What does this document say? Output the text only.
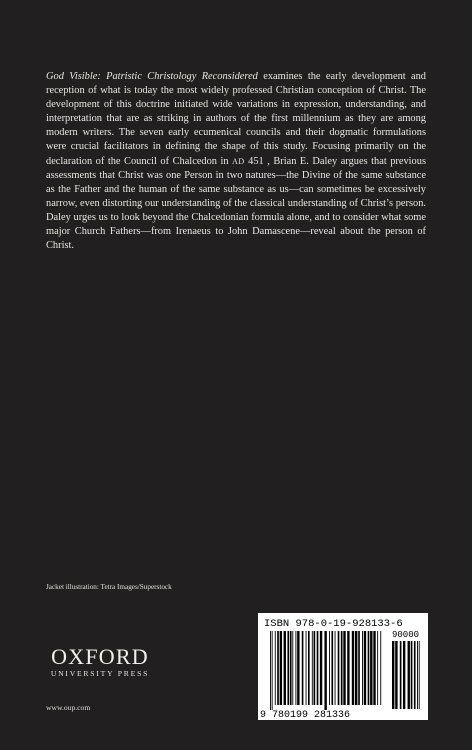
God Visible: Patristic Christology Reconsidered examines the early development and reception of what is today the most widely professed Christian conception of Christ. The development of this doctrine initiated wide variations in expression, understanding, and interpretation that are as striking in authors of the first millennium as they are among modern writers. The seven early ecumenical councils and their dogmatic formulations were crucial facilitators in defining the shape of this study. Focusing primarily on the declaration of the Council of Chalcedon in AD 451 , Brian E. Daley argues that previous assessments that Christ was one Person in two natures—the Divine of the same substance as the Father and the human of the same substance as us—can sometimes be excessively narrow, even distorting our understanding of the classical understanding of Christ’s person. Daley urges us to look beyond the Chalcedonian formula alone, and to consider what some major Church Fathers—from Irenaeus to John Damascene—reveal about the person of Christ.

Jacket illustration: Tetra Images/Superstock

OXFORD
UNIVERSITY PRESS

www.oup.com

ISBN 978-0-19-928133-6
90000
9 780199 281336
